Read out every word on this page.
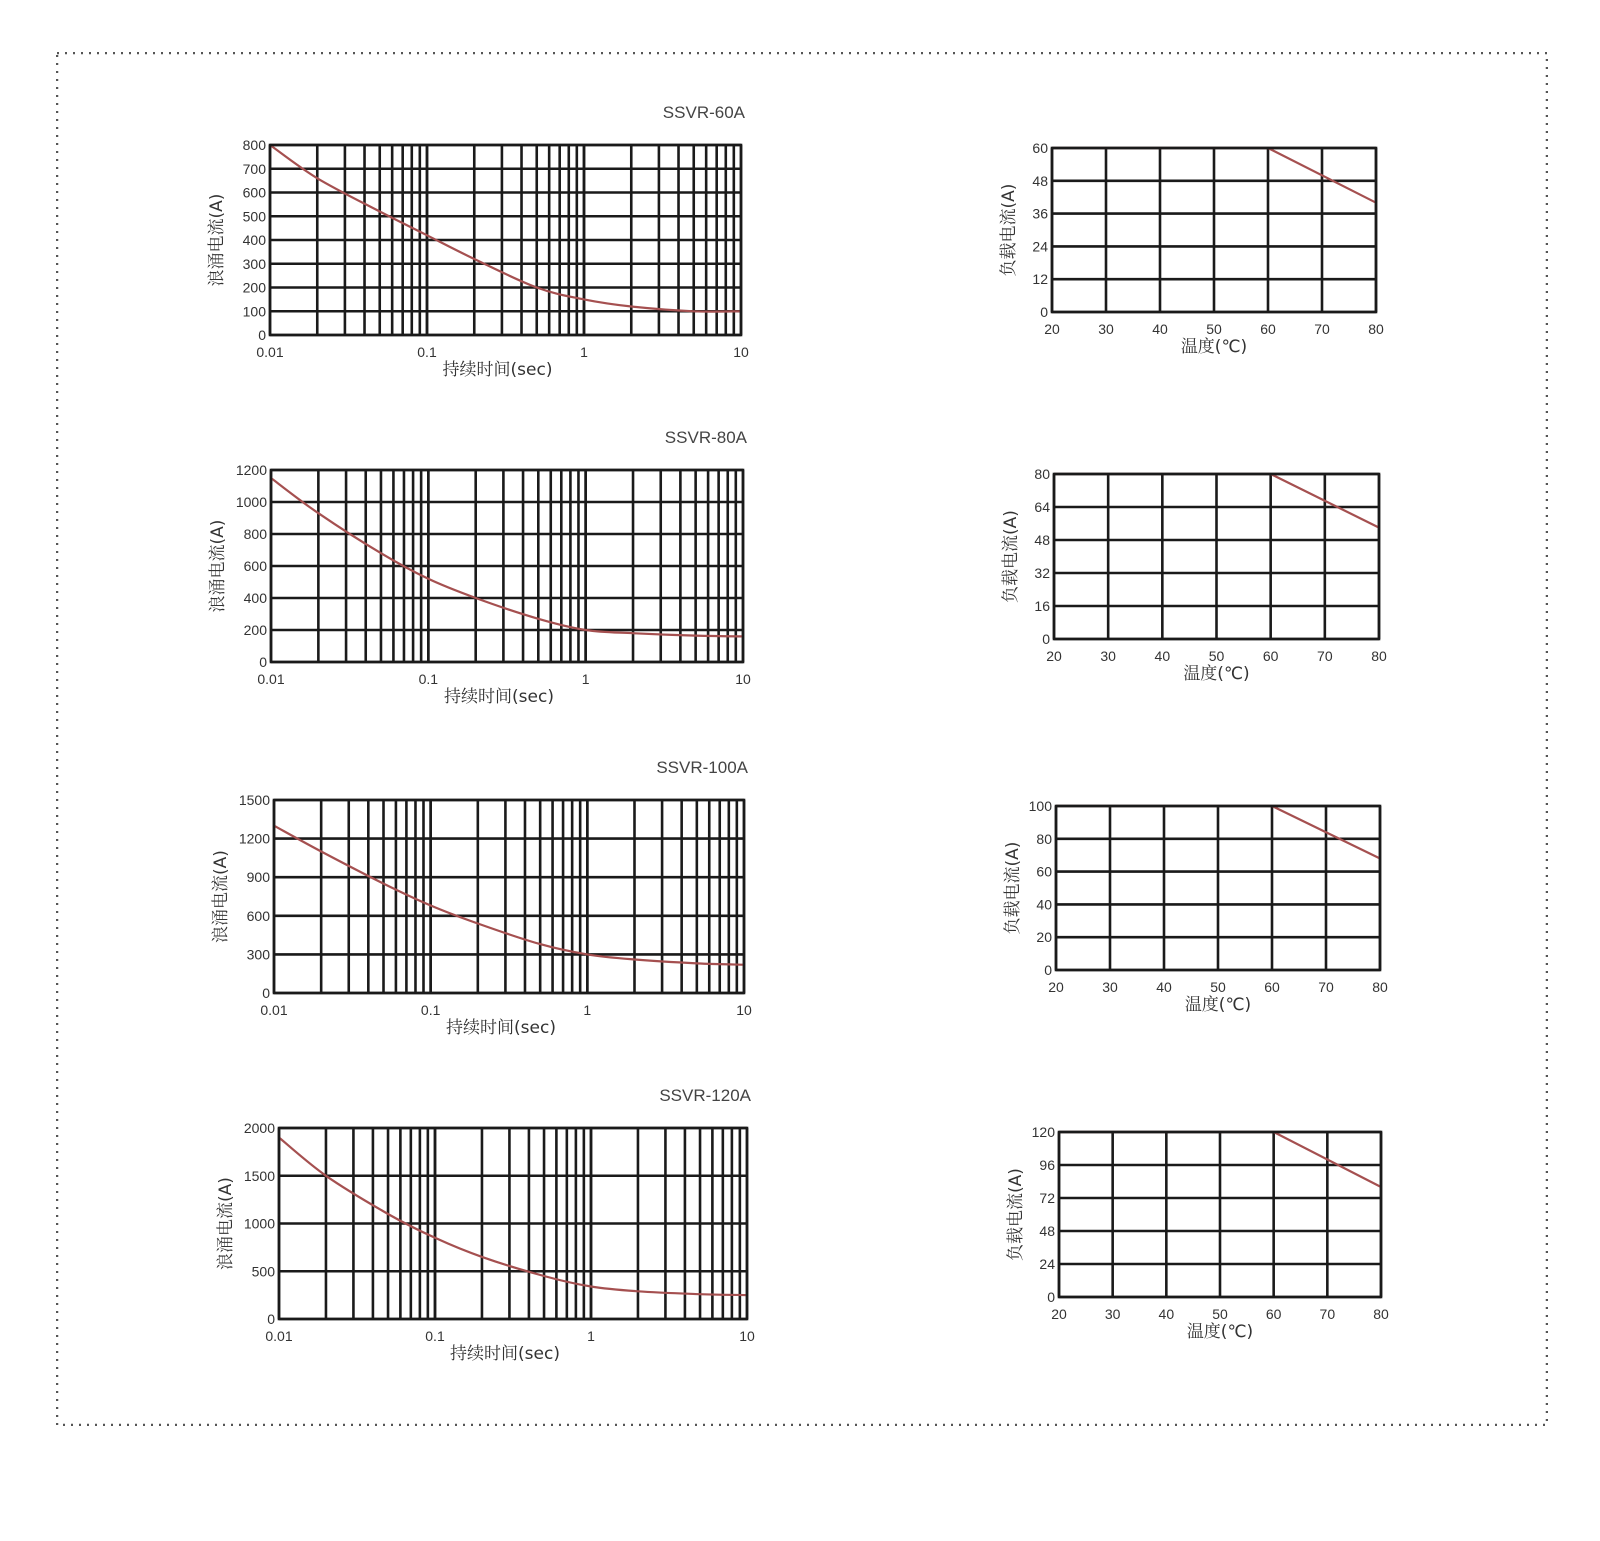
0.01	0.1	1	10
0
100
200
300
400
500
600
700
800
持续时间(sec)
浪涌电流(A)
SSVR-60A
20	30	40	50	60	70	80
0
12
24
36
48
60
温度(℃)
负载电流(A)
0.01	0.1	1	10
0
200
400
600
800
1000
1200
持续时间(sec)
浪涌电流(A)
SSVR-80A
20	30	40	50	60	70	80
0
16
32
48
64
80
温度(℃)
负载电流(A)
0.01	0.1	1	10
0
300
600
900
1200
1500
持续时间(sec)
浪涌电流(A)
SSVR-100A
20	30	40	50	60	70	80
0
20
40
60
80
100
温度(℃)
负载电流(A)
0.01	0.1	1	10
0
500
1000
1500
2000
持续时间(sec)
浪涌电流(A)
SSVR-120A
20	30	40	50	60	70	80
0
24
48
72
96
120
温度(℃)
负载电流(A)
